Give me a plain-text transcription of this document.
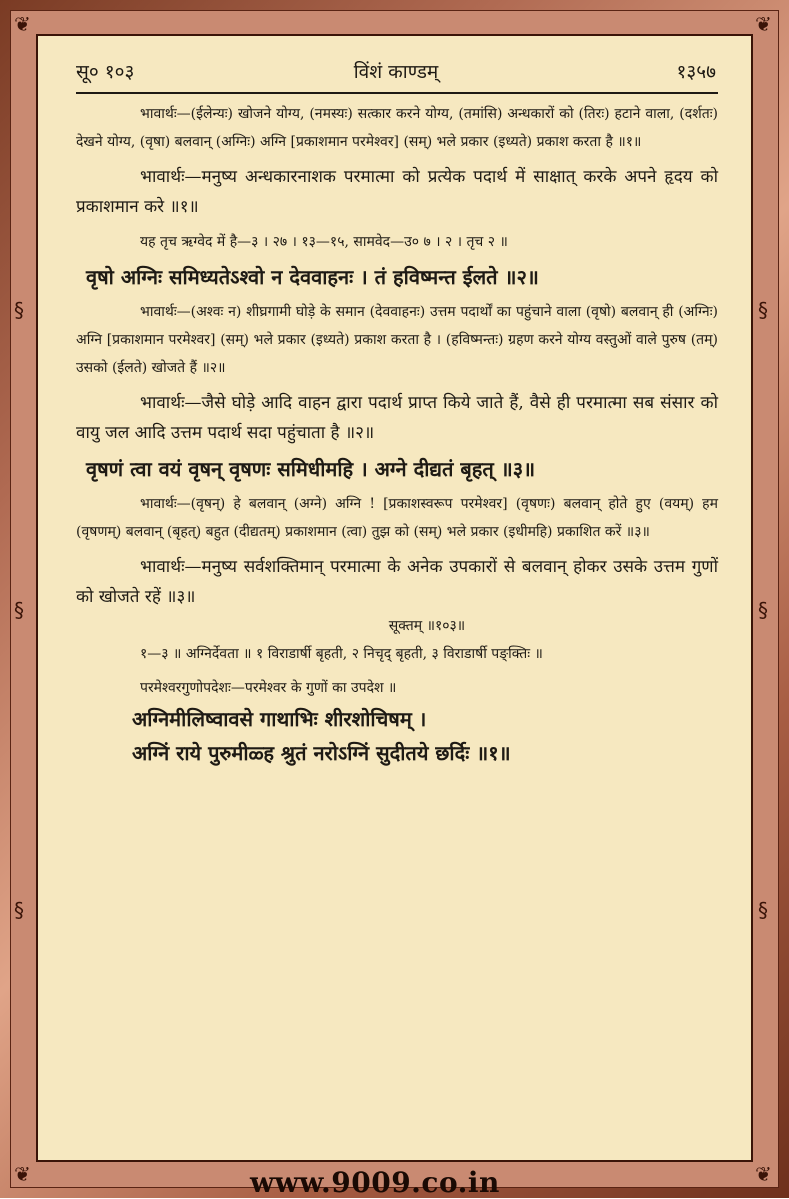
❦	❦
❦	❦
§
§
§
§
§
§
सू० १०३	विंशं काण्डम्	१३५७

भावार्थः—(ईलेन्यः) खोजने योग्य, (नमस्यः) सत्कार करने योग्य, (तमांसि) अन्धकारों को (तिरः) हटाने वाला, (दर्शतः) देखने योग्य, (वृषा) बलवान् (अग्निः) अग्नि [प्रकाशमान परमेश्वर] (सम्) भले प्रकार (इध्यते) प्रकाश करता है ॥१॥

भावार्थः—मनुष्य अन्धकारनाशक परमात्मा को प्रत्येक पदार्थ में साक्षात् करके अपने हृदय को प्रकाशमान करे ॥१॥

यह तृच ऋग्वेद में है—३ । २७ । १३—१५, सामवेद—उ० ७ । २ । तृच २ ॥

वृषो अग्निः समिध्यतेऽश्वो न देववाहनः । तं हविष्मन्त ईलते ॥२॥

भावार्थः—(अश्वः न) शीघ्रगामी घोड़े के समान (देववाहनः) उत्तम पदार्थों का पहुंचाने वाला (वृषो) बलवान् ही (अग्निः) अग्नि [प्रकाशमान परमेश्वर] (सम्) भले प्रकार (इध्यते) प्रकाश करता है । (हविष्मन्तः) ग्रहण करने योग्य वस्तुओं वाले पुरुष (तम्) उसको (ईलते) खोजते हैं ॥२॥

भावार्थः—जैसे घोड़े आदि वाहन द्वारा पदार्थ प्राप्त किये जाते हैं, वैसे ही परमात्मा सब संसार को वायु जल आदि उत्तम पदार्थ सदा पहुंचाता है ॥२॥

वृषणं त्वा वयं वृषन् वृषणः समिधीमहि । अग्ने दीद्यतं बृहत् ॥३॥

भावार्थः—(वृषन्) हे बलवान् (अग्ने) अग्नि ! [प्रकाशस्वरूप परमेश्वर] (वृषणः) बलवान् होते हुए (वयम्) हम (वृषणम्) बलवान् (बृहत्) बहुत (दीद्यतम्) प्रकाशमान (त्वा) तुझ को (सम्) भले प्रकार (इधीमहि) प्रकाशित करें ॥३॥

भावार्थः—मनुष्य सर्वशक्तिमान् परमात्मा के अनेक उपकारों से बलवान् होकर उसके उत्तम गुणों को खोजते रहें ॥३॥

सूक्तम् ॥१०३॥

१—३ ॥ अग्निर्देवता ॥ १ विराडार्षी बृहती, २ निचृद् बृहती, ३ विराडार्षी पङ्क्तिः ॥

परमेश्वरगुणोपदेशः—परमेश्वर के गुणों का उपदेश ॥

अग्निमीलिष्वावसे गाथाभिः शीरशोचिषम् ।

अग्निं राये पुरुमीळ्ह श्रुतं नरोऽग्निं सुदीतये छर्दिः ॥१॥

www.9009.co.in
